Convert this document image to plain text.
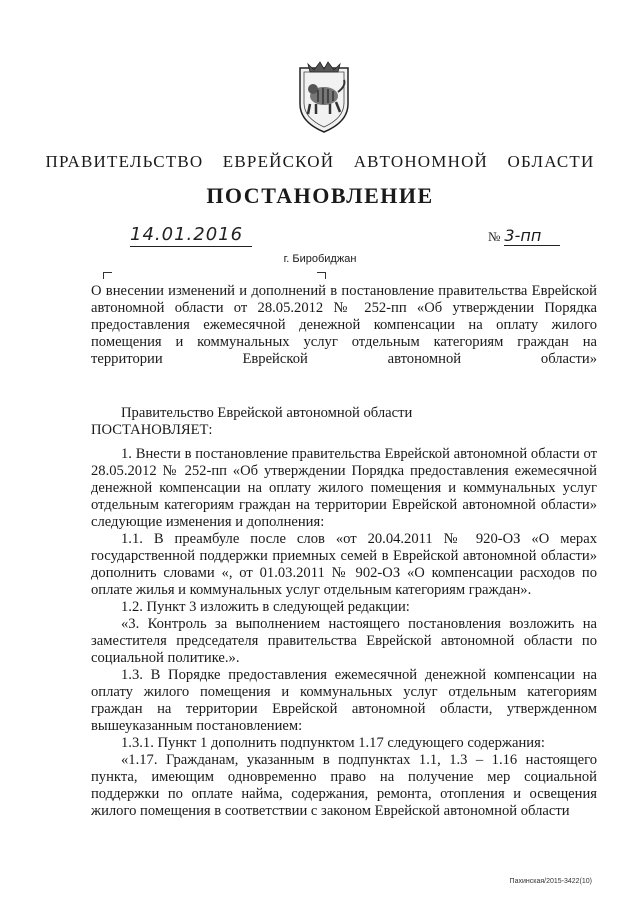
ПРАВИТЕЛЬСТВО ЕВРЕЙСКОЙ АВТОНОМНОЙ ОБЛАСТИ
ПОСТАНОВЛЕНИЕ
14.01.2016	№ 3-пп
г. Биробиджан
О внесении изменений и дополнений в постановление правительства Еврейской автономной области от 28.05.2012 № 252-пп «Об утверждении Порядка предоставления ежемесячной денежной компенсации на оплату жилого помещения и коммунальных услуг отдельным категориям граждан на территории Еврейской автономной области»
Правительство Еврейской автономной области
ПОСТАНОВЛЯЕТ:

1. Внести в постановление правительства Еврейской автономной области от 28.05.2012 № 252-пп «Об утверждении Порядка предоставления ежемесячной денежной компенсации на оплату жилого помещения и коммунальных услуг отдельным категориям граждан на территории Еврейской автономной области» следующие изменения и дополнения:

1.1. В преамбуле после слов «от 20.04.2011 № 920-ОЗ «О мерах государственной поддержки приемных семей в Еврейской автономной области» дополнить словами «, от 01.03.2011 № 902-ОЗ «О компенсации расходов по оплате жилья и коммунальных услуг отдельным категориям граждан».

1.2. Пункт 3 изложить в следующей редакции:

«3. Контроль за выполнением настоящего постановления возложить на заместителя председателя правительства Еврейской автономной области по социальной политике.».

1.3. В Порядке предоставления ежемесячной денежной компенсации на оплату жилого помещения и коммунальных услуг отдельным категориям граждан на территории Еврейской автономной области, утвержденном вышеуказанным постановлением:

1.3.1. Пункт 1 дополнить подпунктом 1.17 следующего содержания:

«1.17. Гражданам, указанным в подпунктах 1.1, 1.3 – 1.16 настоящего пункта, имеющим одновременно право на получение мер социальной поддержки по оплате найма, содержания, ремонта, отопления и освещения жилого помещения в соответствии с законом Еврейской автономной области

Пахинская/2015-3422(10)
